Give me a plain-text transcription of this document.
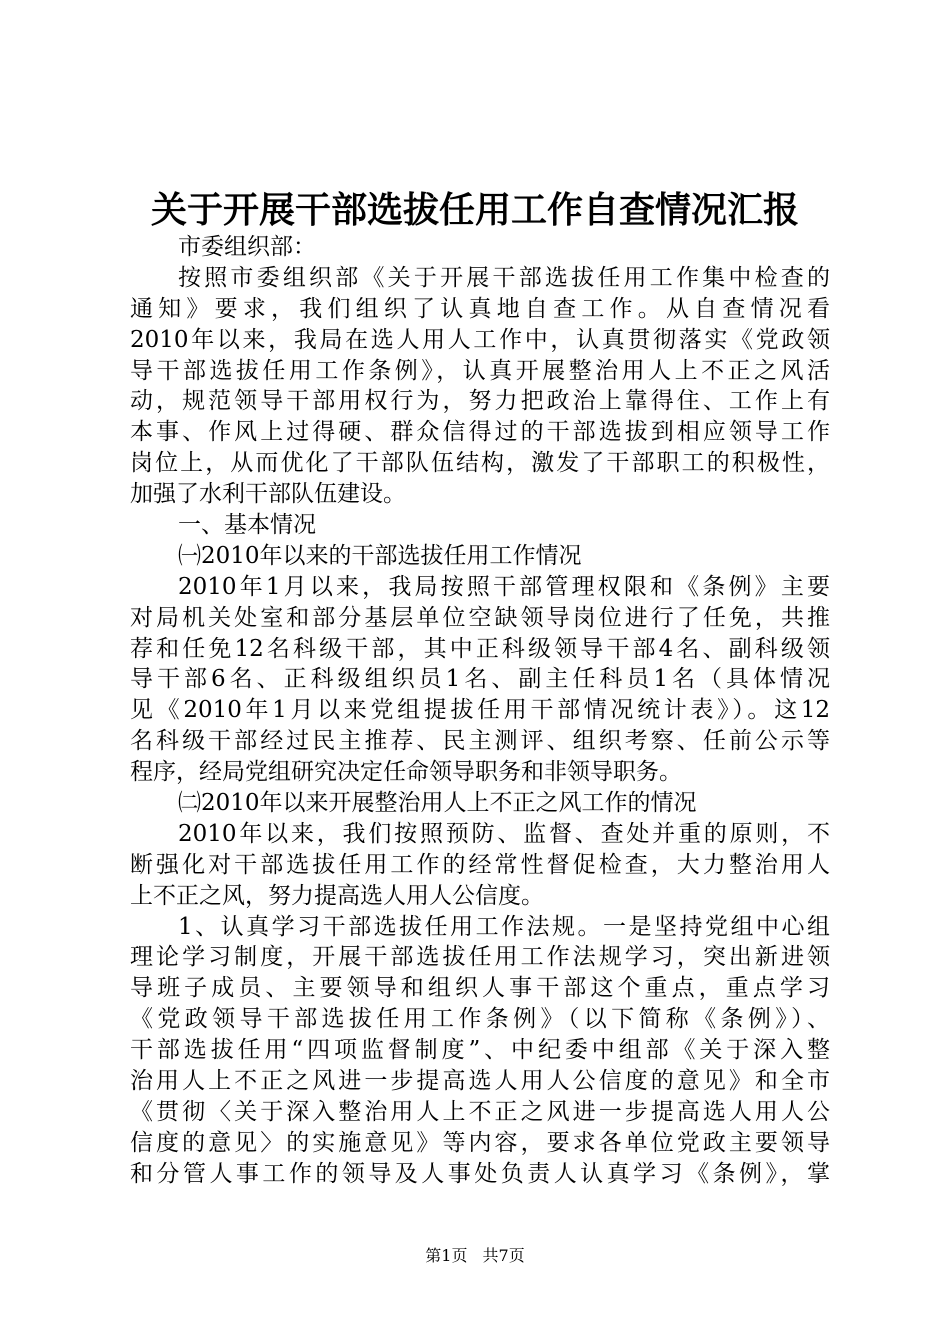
关于开展干部选拔任用工作自查情况汇报
市委组织部：
按照市委组织部《关于开展干部选拔任用工作集中检查的
通知》要求，我们组织了认真地自查工作。从自查情况看
2010年以来，我局在选人用人工作中，认真贯彻落实《党政领
导干部选拔任用工作条例》，认真开展整治用人上不正之风活
动，规范领导干部用权行为，努力把政治上靠得住、工作上有
本事、作风上过得硬、群众信得过的干部选拔到相应领导工作
岗位上，从而优化了干部队伍结构，激发了干部职工的积极性，
加强了水利干部队伍建设。
一、基本情况
㈠2010年以来的干部选拔任用工作情况
2010年1月以来，我局按照干部管理权限和《条例》主要
对局机关处室和部分基层单位空缺领导岗位进行了任免，共推
荐和任免12名科级干部，其中正科级领导干部4名、副科级领
导干部6名、正科级组织员1名、副主任科员1名（具体情况
见《2010年1月以来党组提拔任用干部情况统计表》）。这12
名科级干部经过民主推荐、民主测评、组织考察、任前公示等
程序，经局党组研究决定任命领导职务和非领导职务。
㈡2010年以来开展整治用人上不正之风工作的情况
2010年以来，我们按照预防、监督、查处并重的原则，不
断强化对干部选拔任用工作的经常性督促检查，大力整治用人
上不正之风，努力提高选人用人公信度。
1、认真学习干部选拔任用工作法规。一是坚持党组中心组
理论学习制度，开展干部选拔任用工作法规学习，突出新进领
导班子成员、主要领导和组织人事干部这个重点，重点学习
《党政领导干部选拔任用工作条例》（以下简称《条例》）、
干部选拔任用“四项监督制度”、中纪委中组部《关于深入整
治用人上不正之风进一步提高选人用人公信度的意见》和全市
《贯彻〈关于深入整治用人上不正之风进一步提高选人用人公
信度的意见〉的实施意见》等内容，要求各单位党政主要领导
和分管人事工作的领导及人事处负责人认真学习《条例》，掌
第1页 共7页
